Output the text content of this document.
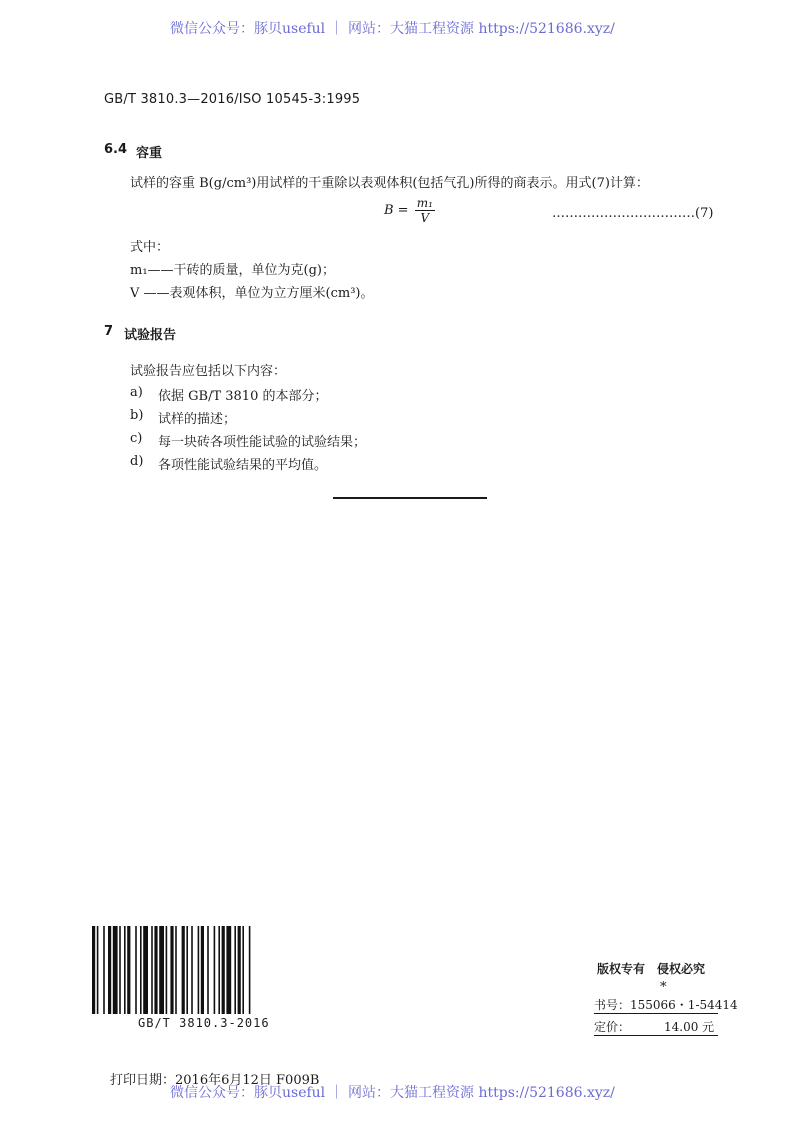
微信公众号：豚贝useful ｜ 网站：大猫工程资源 https://521686.xyz/
GB/T 3810.3—2016/ISO 10545-3:1995
6.4 容重
试样的容重 B(g/cm³)用试样的干重除以表观体积(包括气孔)所得的商表示。用式(7)计算：
$B = \frac{\text{m₁}}{V}$	……………………………(7)
式中：
m₁——干砖的质量，单位为克(g)；
V ——表观体积，单位为立方厘米(cm³)。
7 试验报告
试验报告应包括以下内容：
a) 依据 GB/T 3810 的本部分；
b) 试样的描述；
c) 每一块砖各项性能试验的试验结果；
d) 各项性能试验结果的平均值。
GB/T 3810.3-2016
版权专有　侵权必究
*
书号：155066・1-54414
定价：	14.00 元
打印日期：2016年6月12日 F009B
微信公众号：豚贝useful ｜ 网站：大猫工程资源 https://521686.xyz/
